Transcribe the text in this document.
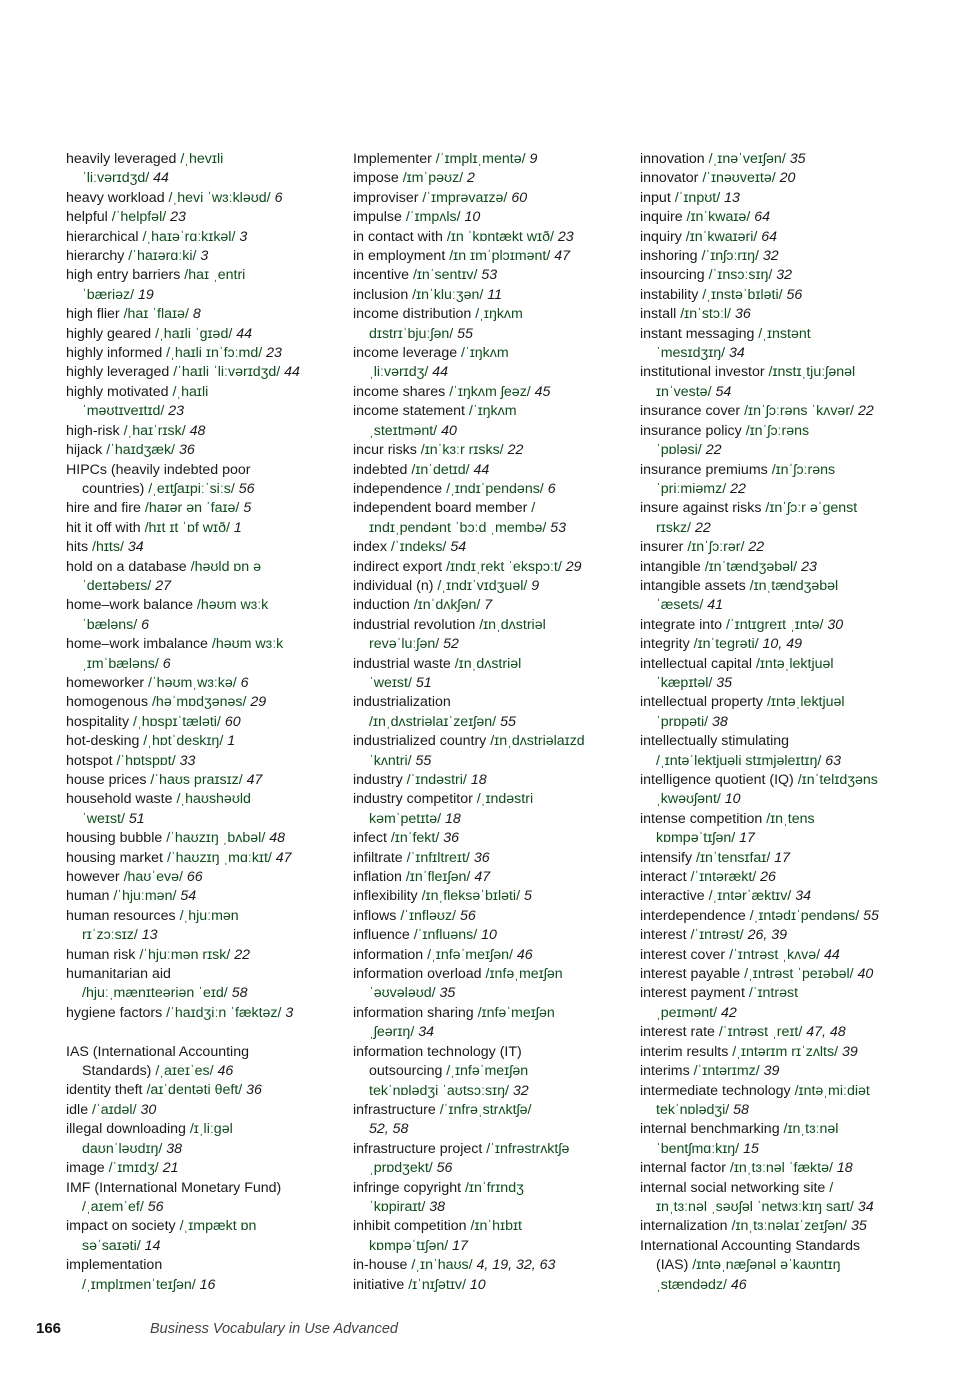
heavily leveraged /ˌhevɪli
ˈliːvərɪdʒd/ 44
heavy workload /ˌhevi ˈwɜːkləʊd/ 6
helpful /ˈhelpfəl/ 23
hierarchical /ˌhaɪəˈrɑːkɪkəl/ 3
hierarchy /ˈhaɪərɑːki/ 3
high entry barriers /haɪ ˌentri
ˈbæriəz/ 19
high flier /haɪ ˈflaɪə/ 8
highly geared /ˌhaɪli ˈgɪəd/ 44
highly informed /ˌhaɪli ɪnˈfɔːmd/ 23
highly leveraged /ˈhaɪli ˈliːvərɪdʒd/ 44
highly motivated /ˌhaɪli
ˈməʊtɪveɪtɪd/ 23
high-risk /ˌhaɪˈrɪsk/ 48
hijack /ˈhaɪdʒæk/ 36
HIPCs (heavily indebted poor
countries) /ˌeɪtʃaɪpiːˈsiːs/ 56
hire and fire /haɪər ən ˈfaɪə/ 5
hit it off with /hɪt ɪt ˈɒf wɪð/ 1
hits /hɪts/ 34
hold on a database /həʊld ɒn ə
ˈdeɪtəbeɪs/ 27
home–work balance /həʊm wɜːk
ˈbæləns/ 6
home–work imbalance /həʊm wɜːk
ˌɪmˈbæləns/ 6
homeworker /ˈhəʊmˌwɜːkə/ 6
homogenous /həˈmɒdʒənəs/ 29
hospitality /ˌhɒspɪˈtæləti/ 60
hot-desking /ˌhɒtˈdeskɪŋ/ 1
hotspot /ˈhɒtspɒt/ 33
house prices /ˈhaʊs praɪsɪz/ 47
household waste /ˌhaʊshəʊld
ˈweɪst/ 51
housing bubble /ˈhaʊzɪŋ ˌbʌbəl/ 48
housing market /ˈhaʊzɪŋ ˌmɑːkɪt/ 47
however /haʊˈevə/ 66
human /ˈhjuːmən/ 54
human resources /ˌhjuːmən
rɪˈzɔːsɪz/ 13
human risk /ˈhjuːmən rɪsk/ 22
humanitarian aid
/hjuːˌmænɪteəriən ˈeɪd/ 58
hygiene factors /ˈhaɪdʒiːn ˈfæktəz/ 3
IAS (International Accounting
Standards) /ˌaɪeɪˈes/ 46
identity theft /aɪˈdentəti θeft/ 36
idle /ˈaɪdəl/ 30
illegal downloading /ɪˌliːgəl
daʊnˈləʊdɪŋ/ 38
image /ˈɪmɪdʒ/ 21
IMF (International Monetary Fund)
/ˌaɪemˈef/ 56
impact on society /ˌɪmpækt ɒn
səˈsaɪəti/ 14
implementation
/ˌɪmplɪmenˈteɪʃən/ 16
Implementer /ˈɪmplɪˌmentə/ 9
impose /ɪmˈpəʊz/ 2
improviser /ˈɪmprəvaɪzə/ 60
impulse /ˈɪmpʌls/ 10
in contact with /ɪn ˈkɒntækt wɪð/ 23
in employment /ɪn ɪmˈplɔɪmənt/ 47
incentive /ɪnˈsentɪv/ 53
inclusion /ɪnˈkluːʒən/ 11
income distribution /ˌɪŋkʌm
dɪstrɪˈbjuːʃən/ 55
income leverage /ˈɪŋkʌm
ˌliːvərɪdʒ/ 44
income shares /ˈɪŋkʌm ʃeəz/ 45
income statement /ˈɪŋkʌm
ˌsteɪtmənt/ 40
incur risks /ɪnˈkɜːr rɪsks/ 22
indebted /ɪnˈdetɪd/ 44
independence /ˌɪndɪˈpendəns/ 6
independent board member /
ɪndɪˌpendənt ˈbɔːd ˌmembə/ 53
index /ˈɪndeks/ 54
indirect export /ɪndɪˌrekt ˈekspɔːt/ 29
individual (n) /ˌɪndɪˈvɪdʒuəl/ 9
induction /ɪnˈdʌkʃən/ 7
industrial revolution /ɪnˌdʌstriəl
revəˈluːʃən/ 52
industrial waste /ɪnˌdʌstriəl
ˈweɪst/ 51
industrialization
/ɪnˌdʌstriəlaɪˈzeɪʃən/ 55
industrialized country /ɪnˌdʌstriəlaɪzd
ˈkʌntri/ 55
industry /ˈɪndəstri/ 18
industry competitor /ˌɪndəstri
kəmˈpetɪtə/ 18
infect /ɪnˈfekt/ 36
infiltrate /ˈɪnfɪltreɪt/ 36
inflation /ɪnˈfleɪʃən/ 47
inflexibility /ɪnˌfleksəˈbɪləti/ 5
inflows /ˈɪnfləʊz/ 56
influence /ˈɪnfluəns/ 10
information /ˌɪnfəˈmeɪʃən/ 46
information overload /ɪnfəˌmeɪʃən
ˈəʊvələʊd/ 35
information sharing /ɪnfəˈmeɪʃən
ˌʃeərɪŋ/ 34
information technology (IT)
outsourcing /ˌɪnfəˈmeɪʃən
tekˈnɒlədʒi ˈaʊtsɔːsɪŋ/ 32
infrastructure /ˈɪnfrəˌstrʌktʃə/
52, 58
infrastructure project /ˈɪnfrəstrʌktʃə
ˌprɒdʒekt/ 56
infringe copyright /ɪnˈfrɪndʒ
ˈkɒpiraɪt/ 38
inhibit competition /ɪnˈhɪbɪt
kɒmpəˈtɪʃən/ 17
in-house /ˌɪnˈhaʊs/ 4, 19, 32, 63
initiative /ɪˈnɪʃətɪv/ 10
innovation /ˌɪnəˈveɪʃən/ 35
innovator /ˈɪnəʊveɪtə/ 20
input /ˈɪnpʊt/ 13
inquire /ɪnˈkwaɪə/ 64
inquiry /ɪnˈkwaɪəri/ 64
inshoring /ˈɪnʃɔːrɪŋ/ 32
insourcing /ˈɪnsɔːsɪŋ/ 32
instability /ˌɪnstəˈbɪləti/ 56
install /ɪnˈstɔːl/ 36
instant messaging /ˌɪnstənt
ˈmesɪdʒɪŋ/ 34
institutional investor /ɪnstɪˌtjuːʃənəl
ɪnˈvestə/ 54
insurance cover /ɪnˈʃɔːrəns ˈkʌvər/ 22
insurance policy /ɪnˈʃɔːrəns
ˈpɒləsi/ 22
insurance premiums /ɪnˈʃɔːrəns
ˈpriːmiəmz/ 22
insure against risks /ɪnˈʃɔːr əˈgenst
rɪskz/ 22
insurer /ɪnˈʃɔːrər/ 22
intangible /ɪnˈtændʒəbəl/ 23
intangible assets /ɪnˌtændʒəbəl
ˈæsets/ 41
integrate into /ˈɪntɪgreɪt ˌɪntə/ 30
integrity /ɪnˈtegrəti/ 10, 49
intellectual capital /ɪntəˌlektjuəl
ˈkæpɪtəl/ 35
intellectual property /ɪntəˌlektjuəl
ˈprɒpəti/ 38
intellectually stimulating
/ˌɪntəˈlektjuəli stɪmjəleɪtɪŋ/ 63
intelligence quotient (IQ) /ɪnˈtelɪdʒəns
ˌkwəʊʃənt/ 10
intense competition /ɪnˌtens
kɒmpəˈtɪʃən/ 17
intensify /ɪnˈtensɪfaɪ/ 17
interact /ˈɪntərækt/ 26
interactive /ˌɪntərˈæktɪv/ 34
interdependence /ˌɪntədɪˈpendəns/ 55
interest /ˈɪntrəst/ 26, 39
interest cover /ˈɪntrəst ˌkʌvə/ 44
interest payable /ˌɪntrəst ˈpeɪəbəl/ 40
interest payment /ˈɪntrəst
ˌpeɪmənt/ 42
interest rate /ˈɪntrəst ˌreɪt/ 47, 48
interim results /ˌɪntərɪm rɪˈzʌlts/ 39
interims /ˈɪntərɪmz/ 39
intermediate technology /ɪntəˌmiːdiət
tekˈnɒlədʒi/ 58
internal benchmarking /ɪnˌtɜːnəl
ˈbentʃmɑːkɪŋ/ 15
internal factor /ɪnˌtɜːnəl ˈfæktə/ 18
internal social networking site /
ɪnˌtɜːnəl ˌsəʊʃəl ˈnetwɜːkɪŋ saɪt/ 34
internalization /ɪnˌtɜːnəlaɪˈzeɪʃən/ 35
International Accounting Standards
(IAS) /ɪntəˌnæʃənəl əˈkaʊntɪŋ
ˌstændədz/ 46
166	Business Vocabulary in Use Advanced
